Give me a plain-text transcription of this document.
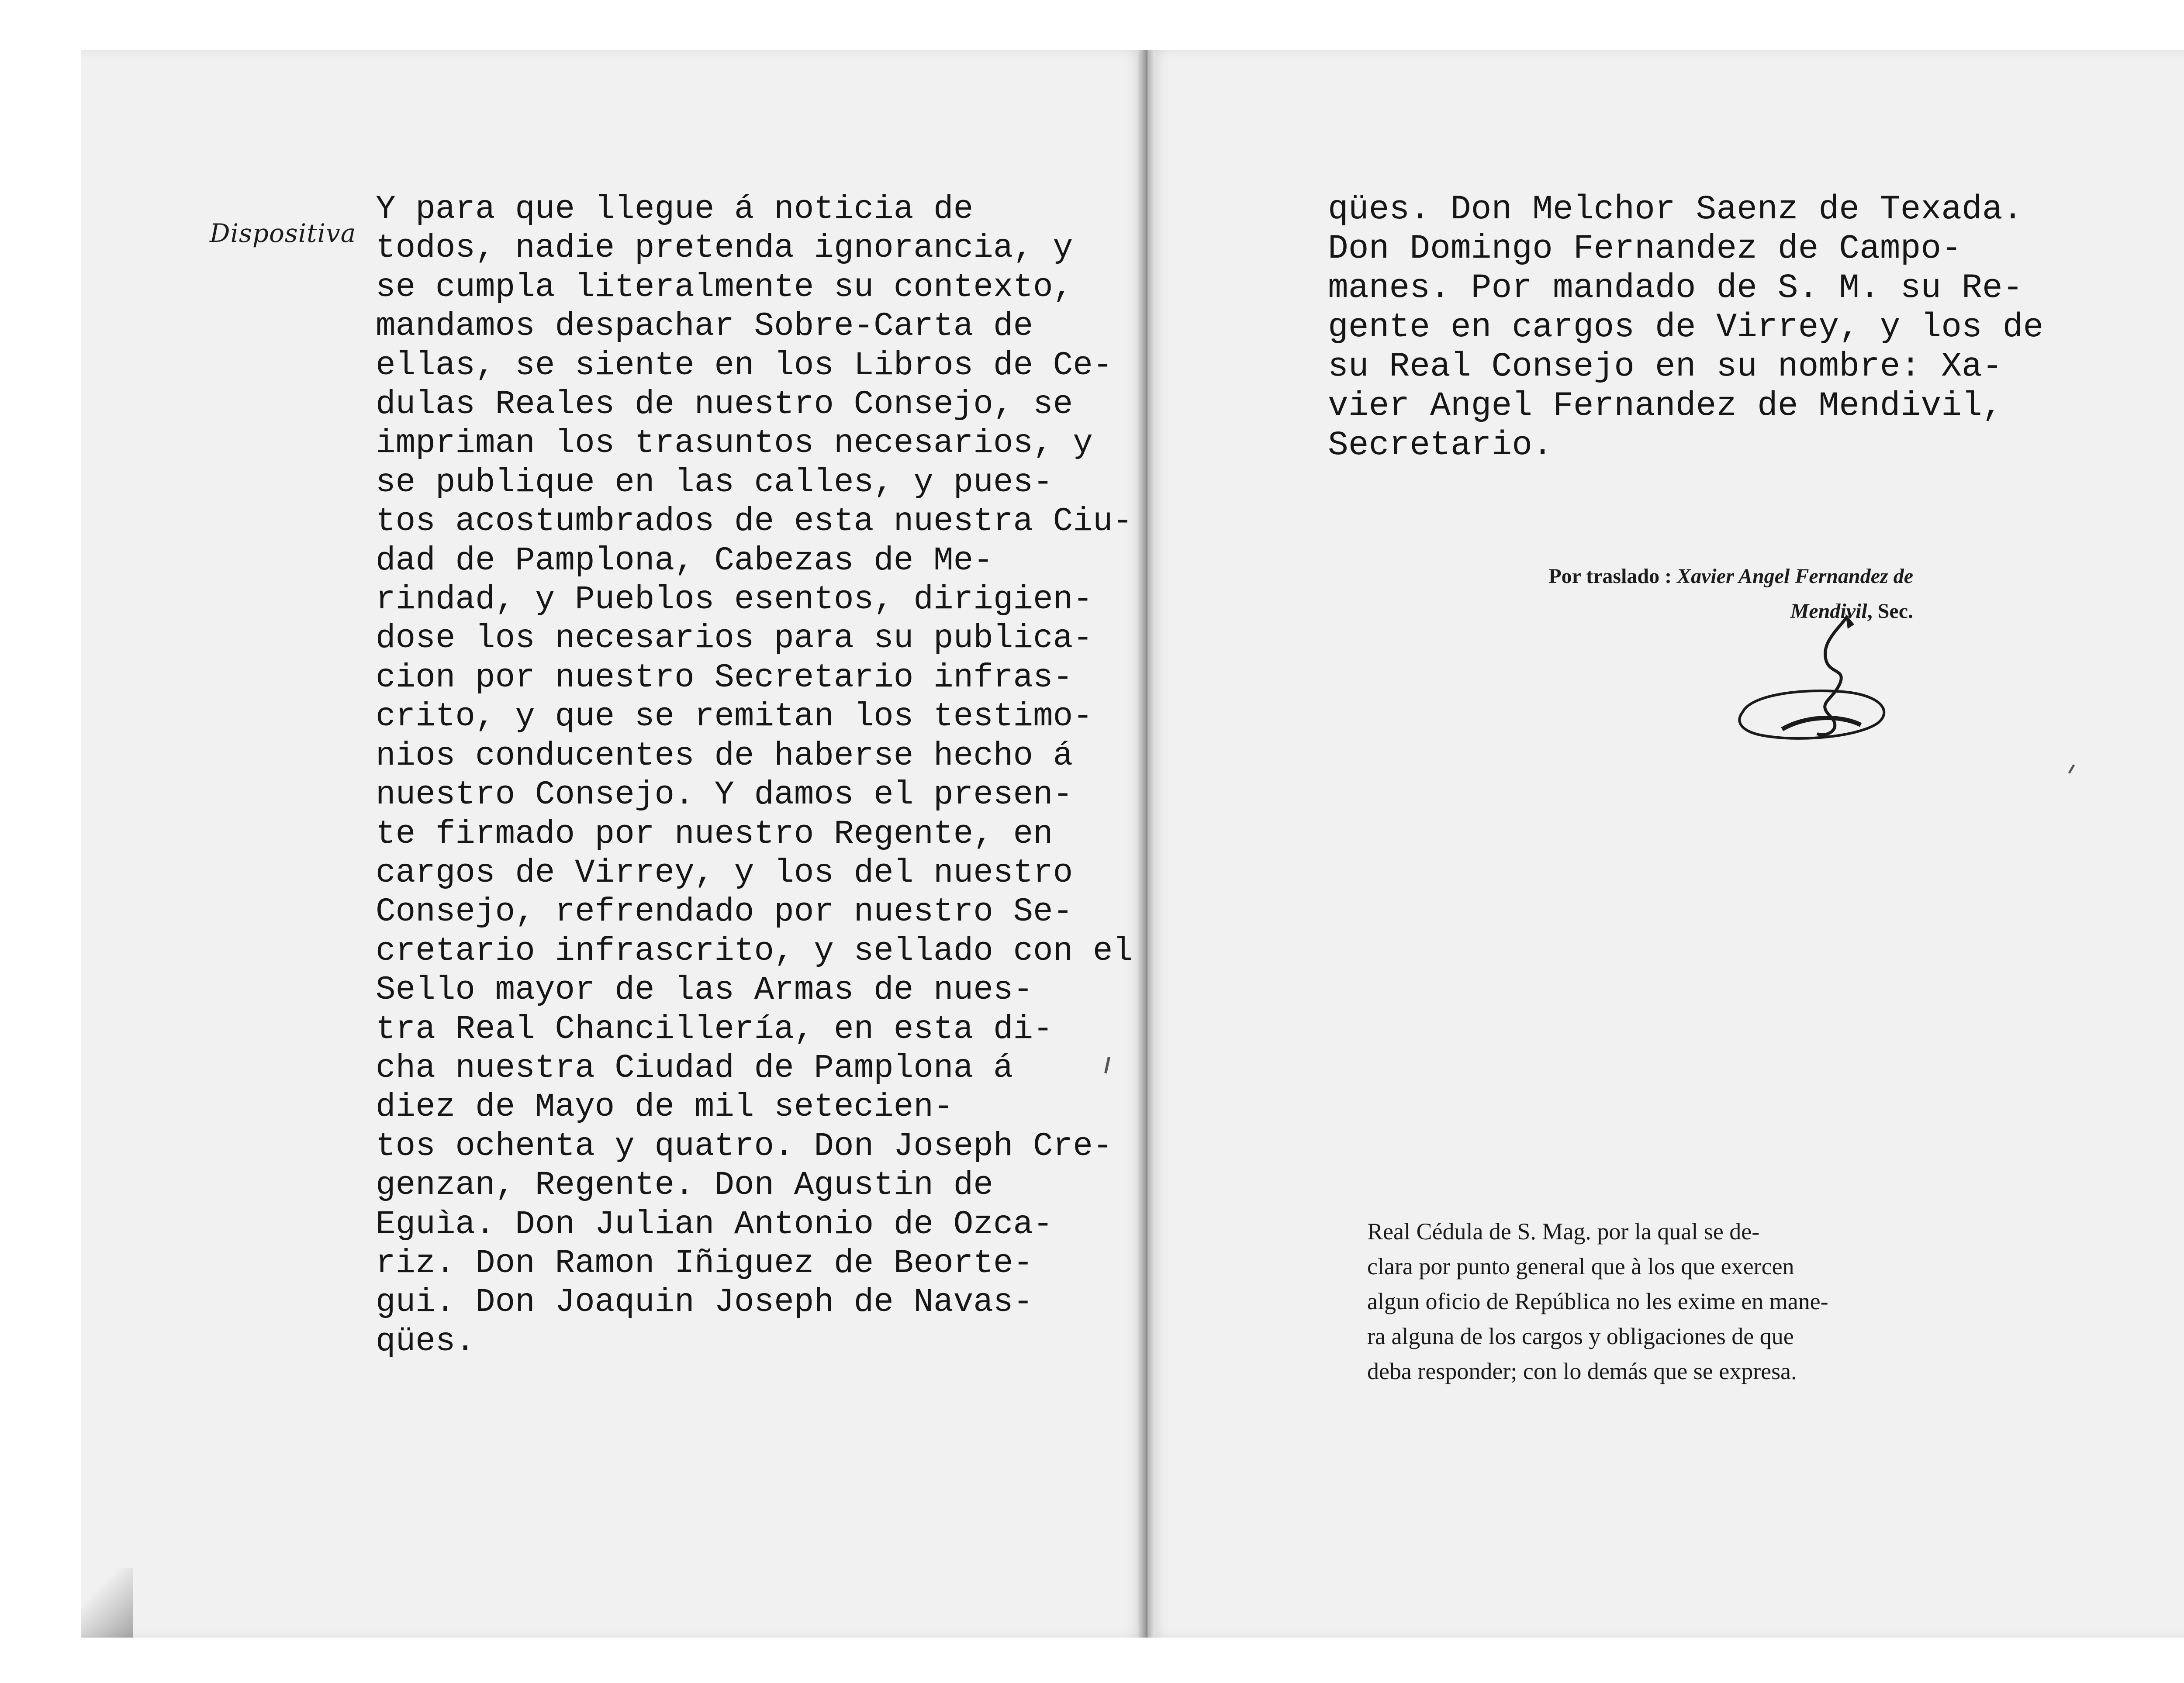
Dispositiva
Y para que llegue á noticia de
todos, nadie pretenda ignorancia,
se cumpla literalmente su
mandamos despachar Sobre-Carta
ellas, se siente en los Libros
dulas Reales de nuestro Consejo,
impriman los trasuntos necesarios,
se publique en las calles, y
tos acostumbrados de esta nuestra
dad de Pamplona, Cabezas de Me-
rindad, y Pueblos esentos,
dose los necesarios para su
cion por nuestro Secretario
crito, y que se remitan los
nios conducentes de haberse
nuestro Consejo. Y damos el
te firmado por nuestro Regente,
cargos de Virrey, y los del
Consejo, refrendado por nuestro
cretario infrascrito, y sellado
Sello mayor de las Armas de
tra Real Chancillería, en esta
cha nuestra Ciudad de Pamplona
diez de Mayo de mil setecien-
tos ochenta y quatro. Don Joseph
genzan, Regente. Don Agustin
Eguìa. Don Julian Antonio de
riz. Don Ramon Iñiguez de Beorte-
gui. Don Joaquin Joseph de
qües.
qües. Don Melchor Saenz de
Don Domingo Fernandez de Campo-
manes. Por mandado de S. M. su
gente en cargos de Virrey, y
su Real Consejo en su nombre:
vier Angel Fernandez de Mendivil,
Secretario.
Por traslado : Xavier Angel Fernandez de
Mendivil, Sec.
Real Cédula de S. Mag. por la qual se de-
clara por punto general que à los que exercen
algun oficio de República no les exime en mane-
ra alguna de los cargos y obligaciones de que
deba responder; con lo demás que se expresa.
